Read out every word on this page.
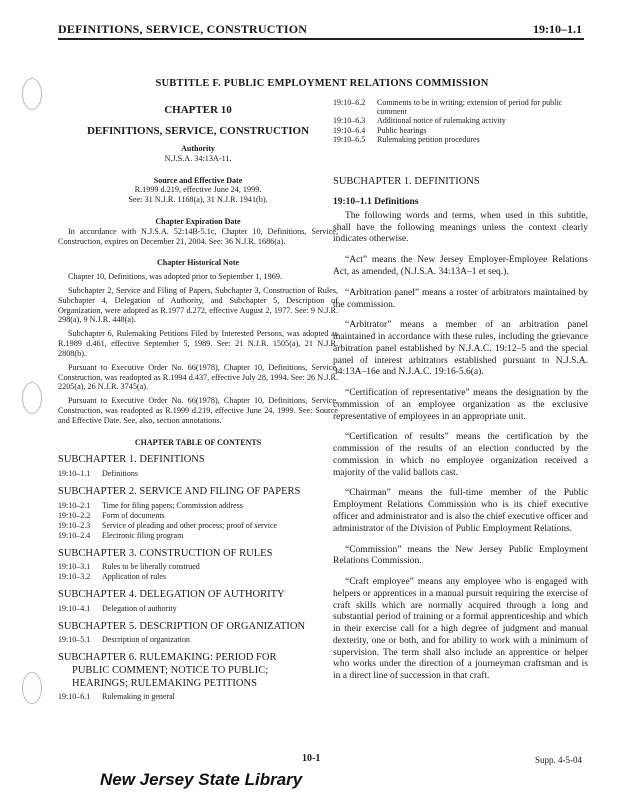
DEFINITIONS, SERVICE, CONSTRUCTION	19:10–1.1
SUBTITLE F. PUBLIC EMPLOYMENT RELATIONS COMMISSION
CHAPTER 10
DEFINITIONS, SERVICE, CONSTRUCTION
Authority
N.J.S.A. 34:13A-11.
Source and Effective Date
R.1999 d.219, effective June 24, 1999.
See: 31 N.J.R. 1168(a), 31 N.J.R. 1941(b).
Chapter Expiration Date
In accordance with N.J.S.A. 52:14B-5.1c, Chapter 10, Definitions, Service, Construction, expires on December 21, 2004. See: 36 N.J.R. 1686(a).
Chapter Historical Note
Chapter 10, Definitions, was adopted prior to September 1, 1969.
Subchapter 2, Service and Filing of Papers, Subchapter 3, Construction of Rules, Subchapter 4, Delegation of Authority, and Subchapter 5, Description of Organization, were adopted as R.1977 d.272, effective August 2, 1977. See: 9 N.J.R. 298(a), 9 N.J.R. 448(a).
Subchapter 6, Rulemaking Petitions Filed by Interested Persons, was adopted as R.1989 d.461, effective September 5, 1989. See: 21 N.J.R. 1505(a), 21 N.J.R. 2808(b).
Pursuant to Executive Order No. 66(1978), Chapter 10, Definitions, Service, Construction, was readopted as R.1994 d.437, effective July 28, 1994. See: 26 N.J.R. 2205(a), 26 N.J.R. 3745(a).
Pursuant to Executive Order No. 66(1978), Chapter 10, Definitions, Service, Construction, was readopted as R.1999 d.219, effective June 24, 1999. See: Source and Effective Date. See, also, section annotations.
CHAPTER TABLE OF CONTENTS
SUBCHAPTER 1. DEFINITIONS
19:10–1.1	Definitions
SUBCHAPTER 2. SERVICE AND FILING OF PAPERS
19:10–2.1	Time for filing papers; Commission address
19:10–2.2	Form of documents
19:10–2.3	Service of pleading and other process; proof of service
19:10–2.4	Electronic filing program
SUBCHAPTER 3. CONSTRUCTION OF RULES
19:10–3.1	Rules to be liberally construed
19:10–3.2	Application of rules
SUBCHAPTER 4. DELEGATION OF AUTHORITY
19:10–4.1	Delegation of authority
SUBCHAPTER 5. DESCRIPTION OF ORGANIZATION
19:10–5.1	Description of organization
SUBCHAPTER 6. RULEMAKING: PERIOD FOR
PUBLIC COMMENT; NOTICE TO PUBLIC;
HEARINGS; RULEMAKING PETITIONS
19:10–6.1	Rulemaking in general
19:10–6.2	Comments to be in writing; extension of period for public comment
19:10–6.3	Additional notice of rulemaking activity
19:10–6.4	Public hearings
19:10–6.5	Rulemaking petition procedures
SUBCHAPTER 1. DEFINITIONS
19:10–1.1 Definitions
The following words and terms, when used in this subtitle, shall have the following meanings unless the context clearly indicates otherwise.
“Act” means the New Jersey Employer-Employee Relations Act, as amended, (N.J.S.A. 34:13A–1 et seq.).
“Arbitration panel” means a roster of arbitrators maintained by the commission.
“Arbitrator” means a member of an arbitration panel maintained in accordance with these rules, including the grievance arbitration panel established by N.J.A.C. 19:12–5 and the special panel of interest arbitrators established pursuant to N.J.S.A. 34:13A–16e and N.J.A.C. 19:16-5.6(a).
“Certification of representative” means the designation by the commission of an employee organization as the exclusive representative of employees in an appropriate unit.
“Certification of results” means the certification by the commission of the results of an election conducted by the commission in which no employee organization received a majority of the valid ballots cast.
“Chairman” means the full-time member of the Public Employment Relations Commission who is its chief executive officer and administrator and is also the chief executive officer and administrator of the Division of Public Employment Relations.
“Commission” means the New Jersey Public Employment Relations Commission.
“Craft employee” means any employee who is engaged with helpers or apprentices in a manual pursuit requiring the exercise of craft skills which are normally acquired through a long and substantial period of training or a formal apprenticeship and which in their exercise call for a high degree of judgment and manual dexterity, one or both, and for ability to work with a minimum of supervision. The term shall also include an apprentice or helper who works under the direction of a journeyman craftsman and is in a direct line of succession in that craft.
10-1	Supp. 4-5-04
New Jersey State Library
